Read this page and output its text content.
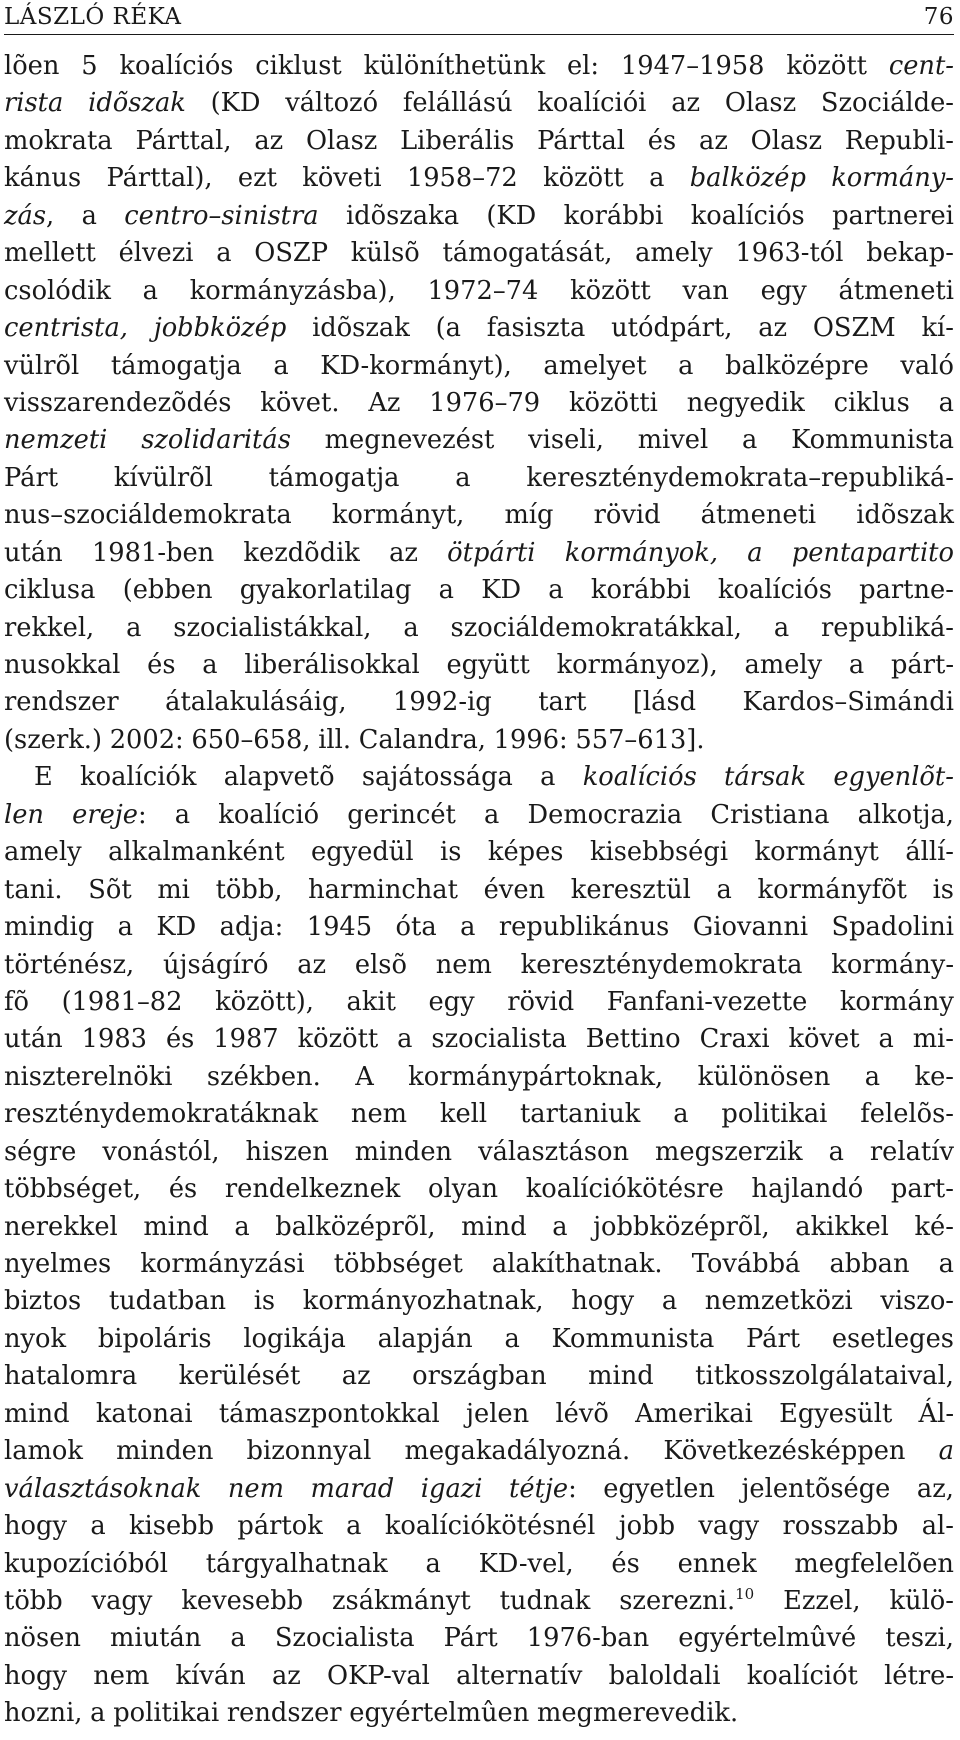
LÁSZLÓ RÉKA	76
lõen 5 koalíciós ciklust különíthetünk el: 1947–1958 között cent-
rista idõszak (KD változó felállású koalíciói az Olasz Szociálde-
mokrata Párttal, az Olasz Liberális Párttal és az Olasz Republi-
kánus Párttal), ezt követi 1958–72 között a balközép kormány-
zás, a centro–sinistra idõszaka (KD korábbi koalíciós partnerei
mellett élvezi a OSZP külsõ támogatását, amely 1963-tól bekap-
csolódik a kormányzásba), 1972–74 között van egy átmeneti
centrista, jobbközép idõszak (a fasiszta utódpárt, az OSZM kí-
vülrõl támogatja a KD-kormányt), amelyet a balközépre való
visszarendezõdés követ. Az 1976–79 közötti negyedik ciklus a
nemzeti szolidaritás megnevezést viseli, mivel a Kommunista
Párt kívülrõl támogatja a kereszténydemokrata–republiká-
nus–szociáldemokrata kormányt, míg rövid átmeneti idõszak
után 1981-ben kezdõdik az ötpárti kormányok, a pentapartito
ciklusa (ebben gyakorlatilag a KD a korábbi koalíciós partne-
rekkel, a szocialistákkal, a szociáldemokratákkal, a republiká-
nusokkal és a liberálisokkal együtt kormányoz), amely a párt-
rendszer átalakulásáig, 1992-ig tart [lásd Kardos–Simándi
(szerk.) 2002: 650–658, ill. Calandra, 1996: 557–613].
E koalíciók alapvetõ sajátossága a koalíciós társak egyenlõt-
len ereje: a koalíció gerincét a Democrazia Cristiana alkotja,
amely alkalmanként egyedül is képes kisebbségi kormányt állí-
tani. Sõt mi több, harminchat éven keresztül a kormányfõt is
mindig a KD adja: 1945 óta a republikánus Giovanni Spadolini
történész, újságíró az elsõ nem kereszténydemokrata kormány-
fõ (1981–82 között), akit egy rövid Fanfani-vezette kormány
után 1983 és 1987 között a szocialista Bettino Craxi követ a mi-
niszterelnöki székben. A kormánypártoknak, különösen a ke-
reszténydemokratáknak nem kell tartaniuk a politikai felelõs-
ségre vonástól, hiszen minden választáson megszerzik a relatív
többséget, és rendelkeznek olyan koalíciókötésre hajlandó part-
nerekkel mind a balközéprõl, mind a jobbközéprõl, akikkel ké-
nyelmes kormányzási többséget alakíthatnak. Továbbá abban a
biztos tudatban is kormányozhatnak, hogy a nemzetközi viszo-
nyok bipoláris logikája alapján a Kommunista Párt esetleges
hatalomra kerülését az országban mind titkosszolgálataival,
mind katonai támaszpontokkal jelen lévõ Amerikai Egyesült Ál-
lamok minden bizonnyal megakadályozná. Következésképpen a
választásoknak nem marad igazi tétje: egyetlen jelentõsége az,
hogy a kisebb pártok a koalíciókötésnél jobb vagy rosszabb al-
kupozícióból tárgyalhatnak a KD-vel, és ennek megfelelõen
több vagy kevesebb zsákmányt tudnak szerezni.$^{10}$ Ezzel, külö-
nösen miután a Szocialista Párt 1976-ban egyértelmûvé teszi,
hogy nem kíván az OKP-val alternatív baloldali koalíciót létre-
hozni, a politikai rendszer egyértelmûen megmerevedik.
